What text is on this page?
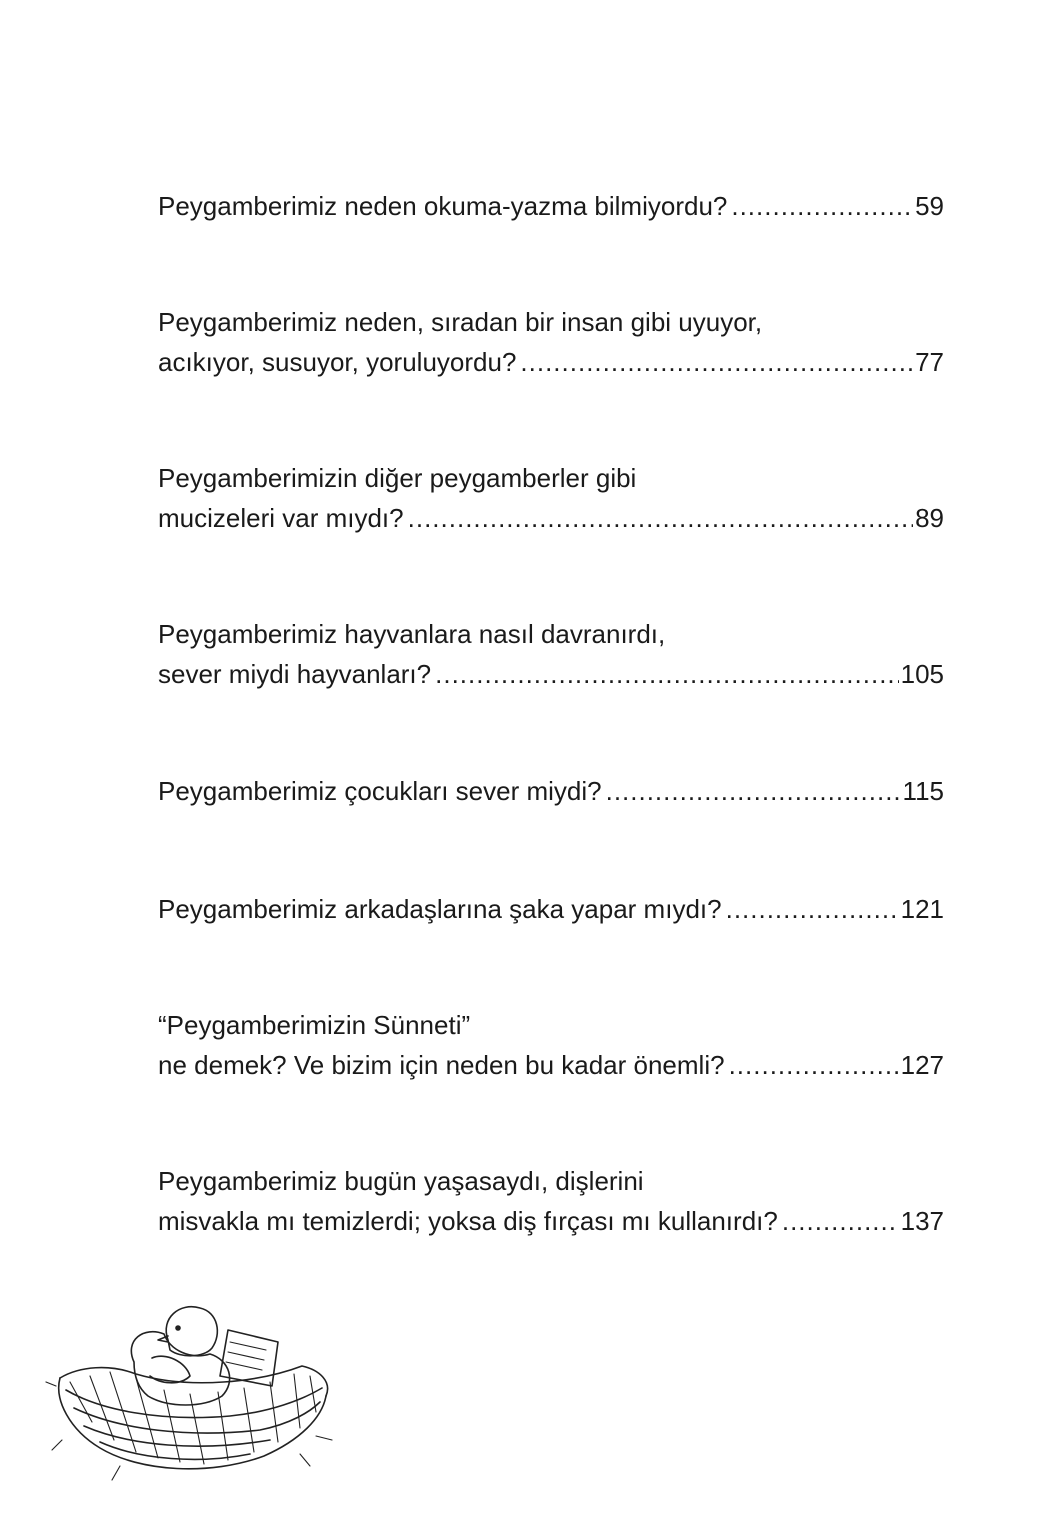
Peygamberimiz neden okuma-yazma bilmiyordu? .....	59
Peygamberimiz neden, sıradan bir insan gibi uyuyor,
acıkıyor, susuyor, yoruluyordu? .....	77
Peygamberimizin diğer peygamberler gibi
mucizeleri var mıydı? .....	89
Peygamberimiz hayvanlara nasıl davranırdı,
sever miydi hayvanları? .....	105
Peygamberimiz çocukları sever miydi? .....	115
Peygamberimiz arkadaşlarına şaka yapar mıydı? .....	121
“Peygamberimizin Sünneti”
ne demek? Ve bizim için neden bu kadar önemli? .....	127
Peygamberimiz bugün yaşasaydı, dişlerini
misvakla mı temizlerdi; yoksa diş fırçası mı kullanırdı? .....	137
